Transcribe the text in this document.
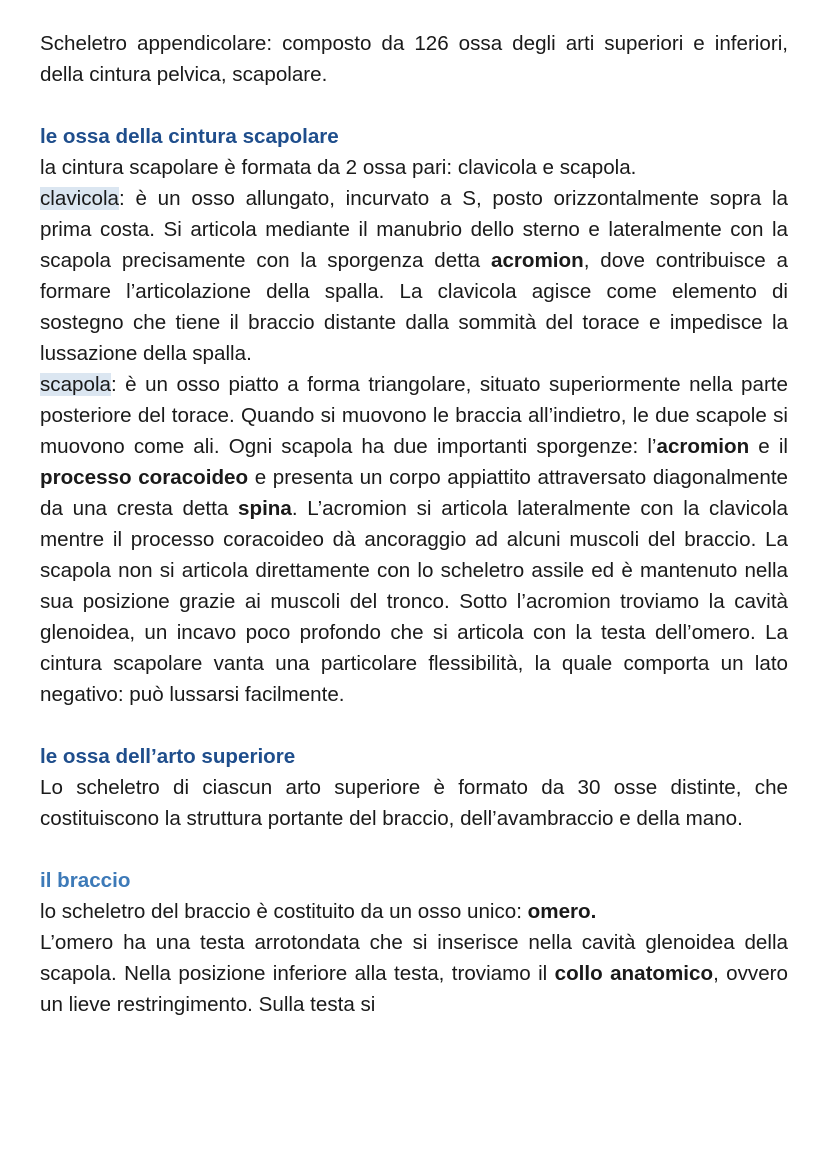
Scheletro appendicolare: composto da 126 ossa degli arti superiori e inferiori, della cintura pelvica, scapolare.

le ossa della cintura scapolare

la cintura scapolare è formata da 2 ossa pari: clavicola e scapola.

clavicola: è un osso allungato, incurvato a S, posto orizzontalmente sopra la prima costa. Si articola mediante il manubrio dello sterno e lateralmente con la scapola precisamente con la sporgenza detta acromion, dove contribuisce a formare l’articolazione della spalla. La clavicola agisce come elemento di sostegno che tiene il braccio distante dalla sommità del torace e impedisce la lussazione della spalla.

scapola: è un osso piatto a forma triangolare, situato superiormente nella parte posteriore del torace. Quando si muovono le braccia all’indietro, le due scapole si muovono come ali. Ogni scapola ha due importanti sporgenze: l’acromion e il processo coracoideo e presenta un corpo appiattito attraversato diagonalmente da una cresta detta spina. L’acromion si articola lateralmente con la clavicola mentre il processo coracoideo dà ancoraggio ad alcuni muscoli del braccio. La scapola non si articola direttamente con lo scheletro assile ed è mantenuto nella sua posizione grazie ai muscoli del tronco. Sotto l’acromion troviamo la cavità glenoidea, un incavo poco profondo che si articola con la testa dell’omero. La cintura scapolare vanta una particolare flessibilità, la quale comporta un lato negativo: può lussarsi facilmente.

le ossa dell’arto superiore

Lo scheletro di ciascun arto superiore è formato da 30 osse distinte, che costituiscono la struttura portante del braccio, dell’avambraccio e della mano.

il braccio

lo scheletro del braccio è costituito da un osso unico: omero.

L’omero ha una testa arrotondata che si inserisce nella cavità glenoidea della scapola. Nella posizione inferiore alla testa, troviamo il collo anatomico, ovvero un lieve restringimento. Sulla testa si
